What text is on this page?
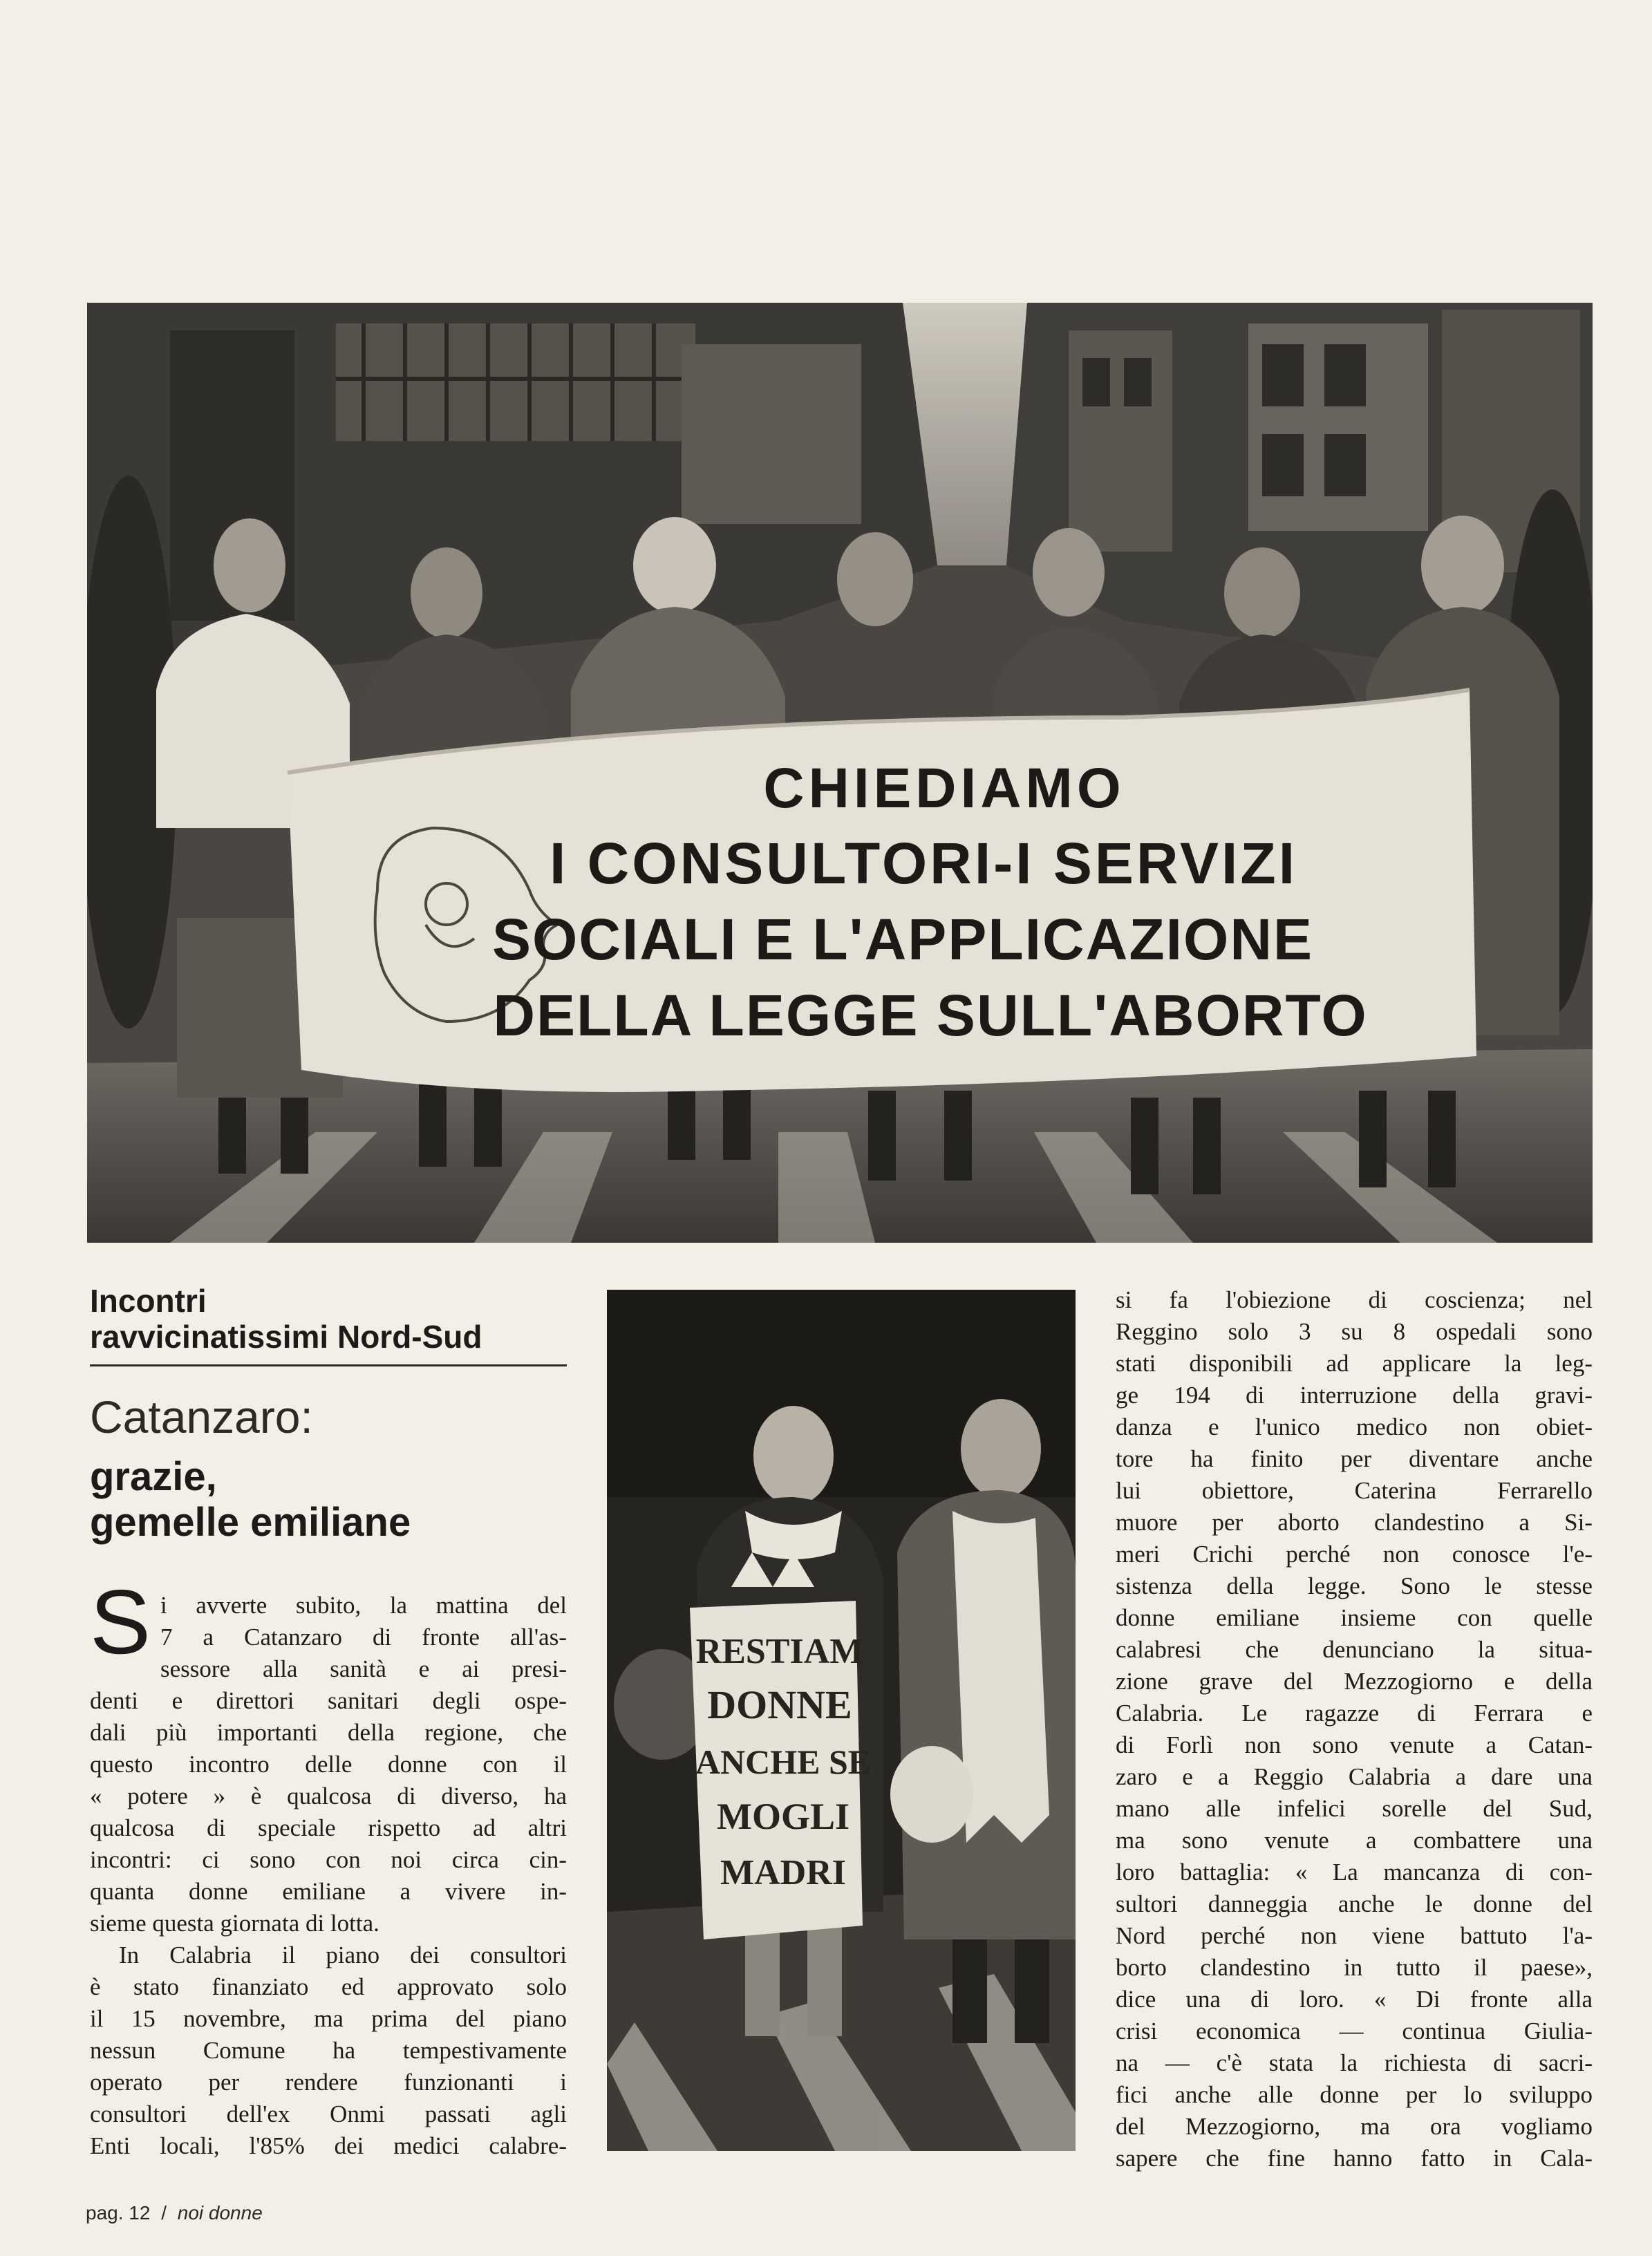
CHIEDIAMO
I CONSULTORI-I SERVIZI
SOCIALI E L'APPLICAZIONE
DELLA LEGGE SULL'ABORTO
RESTIAM
DONNE
ANCHE SE
MOGLI
MADRI
Incontri
ravvicinatissimi Nord-Sud
Catanzaro:
grazie,
gemelle emiliane
S i avverte subito, la mattina del
7 a Catanzaro di fronte all'as-
sessore alla sanità e ai presi-
denti e direttori sanitari degli ospe-
dali più importanti della regione, che
questo incontro delle donne con il
« potere » è qualcosa di diverso, ha
qualcosa di speciale rispetto ad altri
incontri: ci sono con noi circa cin-
quanta donne emiliane a vivere in-
sieme questa giornata di lotta.
In Calabria il piano dei consultori
è stato finanziato ed approvato solo
il 15 novembre, ma prima del piano
nessun Comune ha tempestivamente
operato per rendere funzionanti i
consultori dell'ex Onmi passati agli
Enti locali, l'85% dei medici calabre-
si fa l'obiezione di coscienza; nel
Reggino solo 3 su 8 ospedali sono
stati disponibili ad applicare la leg-
ge 194 di interruzione della gravi-
danza e l'unico medico non obiet-
tore ha finito per diventare anche
lui obiettore, Caterina Ferrarello
muore per aborto clandestino a Si-
meri Crichi perché non conosce l'e-
sistenza della legge. Sono le stesse
donne emiliane insieme con quelle
calabresi che denunciano la situa-
zione grave del Mezzogiorno e della
Calabria. Le ragazze di Ferrara e
di Forlì non sono venute a Catan-
zaro e a Reggio Calabria a dare una
mano alle infelici sorelle del Sud,
ma sono venute a combattere una
loro battaglia: « La mancanza di con-
sultori danneggia anche le donne del
Nord perché non viene battuto l'a-
borto clandestino in tutto il paese»,
dice una di loro. « Di fronte alla
crisi economica — continua Giulia-
na — c'è stata la richiesta di sacri-
fici anche alle donne per lo sviluppo
del Mezzogiorno, ma ora vogliamo
sapere che fine hanno fatto in Cala-
pag. 12 / noi donne
